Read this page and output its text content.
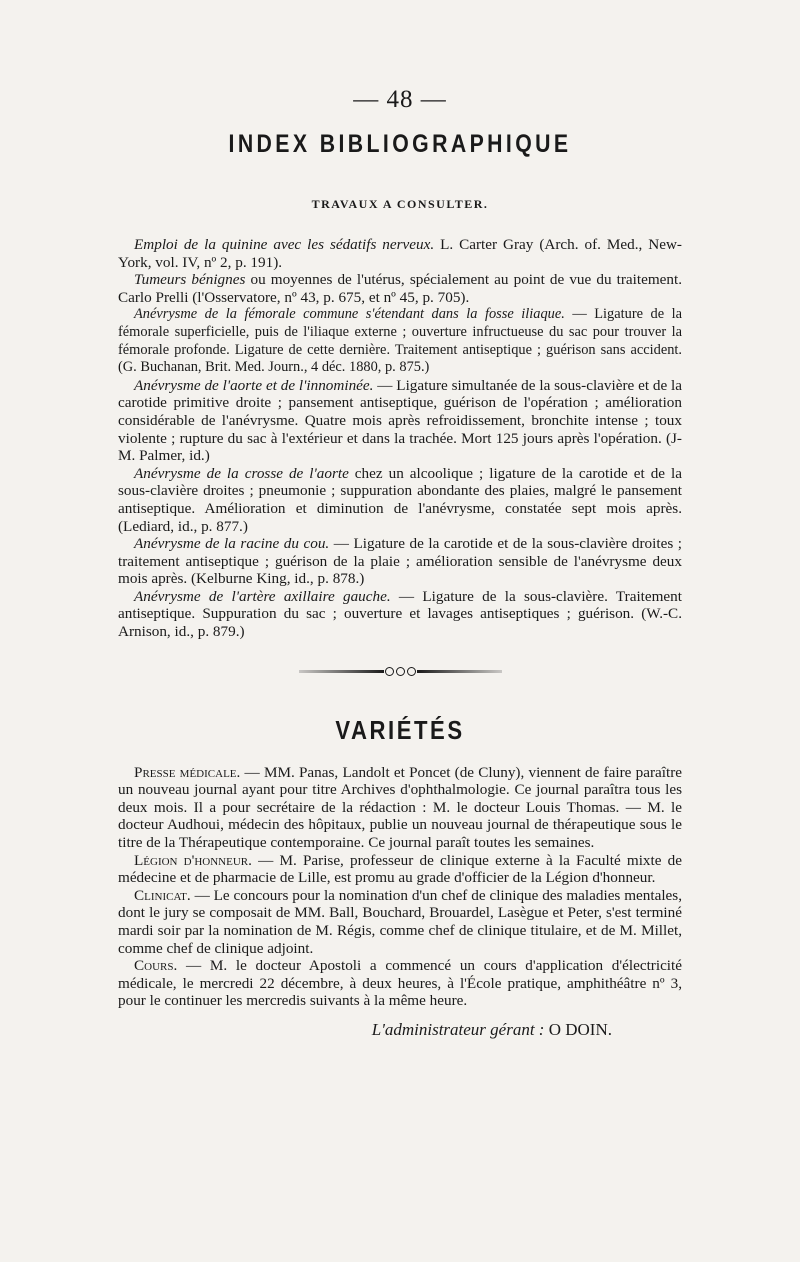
— 48 —
INDEX BIBLIOGRAPHIQUE
TRAVAUX A CONSULTER.

Emploi de la quinine avec les sédatifs nerveux. L. Carter Gray (Arch. of. Med., New-York, vol. IV, nº 2, p. 191).

Tumeurs bénignes ou moyennes de l'utérus, spécialement au point de vue du traitement. Carlo Prelli (l'Osservatore, nº 43, p. 675, et nº 45, p. 705).

Anévrysme de la fémorale commune s'étendant dans la fosse iliaque. — Ligature de la fémorale superficielle, puis de l'iliaque externe ; ouverture infructueuse du sac pour trouver la fémorale profonde. Ligature de cette dernière. Traitement antiseptique ; guérison sans accident. (G. Buchanan, Brit. Med. Journ., 4 déc. 1880, p. 875.)

Anévrysme de l'aorte et de l'innominée. — Ligature simultanée de la sous-clavière et de la carotide primitive droite ; pansement antiseptique, guérison de l'opération ; amélioration considérable de l'anévrysme. Quatre mois après refroidissement, bronchite intense ; toux violente ; rupture du sac à l'extérieur et dans la trachée. Mort 125 jours après l'opération. (J-M. Palmer, id.)

Anévrysme de la crosse de l'aorte chez un alcoolique ; ligature de la carotide et de la sous-clavière droites ; pneumonie ; suppuration abondante des plaies, malgré le pansement antiseptique. Amélioration et diminution de l'anévrysme, constatée sept mois après. (Lediard, id., p. 877.)

Anévrysme de la racine du cou. — Ligature de la carotide et de la sous-clavière droites ; traitement antiseptique ; guérison de la plaie ; amélioration sensible de l'anévrysme deux mois après. (Kelburne King, id., p. 878.)

Anévrysme de l'artère axillaire gauche. — Ligature de la sous-clavière. Traitement antiseptique. Suppuration du sac ; ouverture et lavages antiseptiques ; guérison. (W.-C. Arnison, id., p. 879.)

VARIÉTÉS

Presse médicale. — MM. Panas, Landolt et Poncet (de Cluny), viennent de faire paraître un nouveau journal ayant pour titre Archives d'ophthalmologie. Ce journal paraîtra tous les deux mois. Il a pour secrétaire de la rédaction : M. le docteur Louis Thomas. — M. le docteur Audhoui, médecin des hôpitaux, publie un nouveau journal de thérapeutique sous le titre de la Thérapeutique contemporaine. Ce journal paraît toutes les semaines.

Légion d'honneur. — M. Parise, professeur de clinique externe à la Faculté mixte de médecine et de pharmacie de Lille, est promu au grade d'officier de la Légion d'honneur.

Clinicat. — Le concours pour la nomination d'un chef de clinique des maladies mentales, dont le jury se composait de MM. Ball, Bouchard, Brouardel, Lasègue et Peter, s'est terminé mardi soir par la nomination de M. Régis, comme chef de clinique titulaire, et de M. Millet, comme chef de clinique adjoint.

Cours. — M. le docteur Apostoli a commencé un cours d'application d'électricité médicale, le mercredi 22 décembre, à deux heures, à l'École pratique, amphithéâtre nº 3, pour le continuer les mercredis suivants à la même heure.

L'administrateur gérant : O DOIN.
